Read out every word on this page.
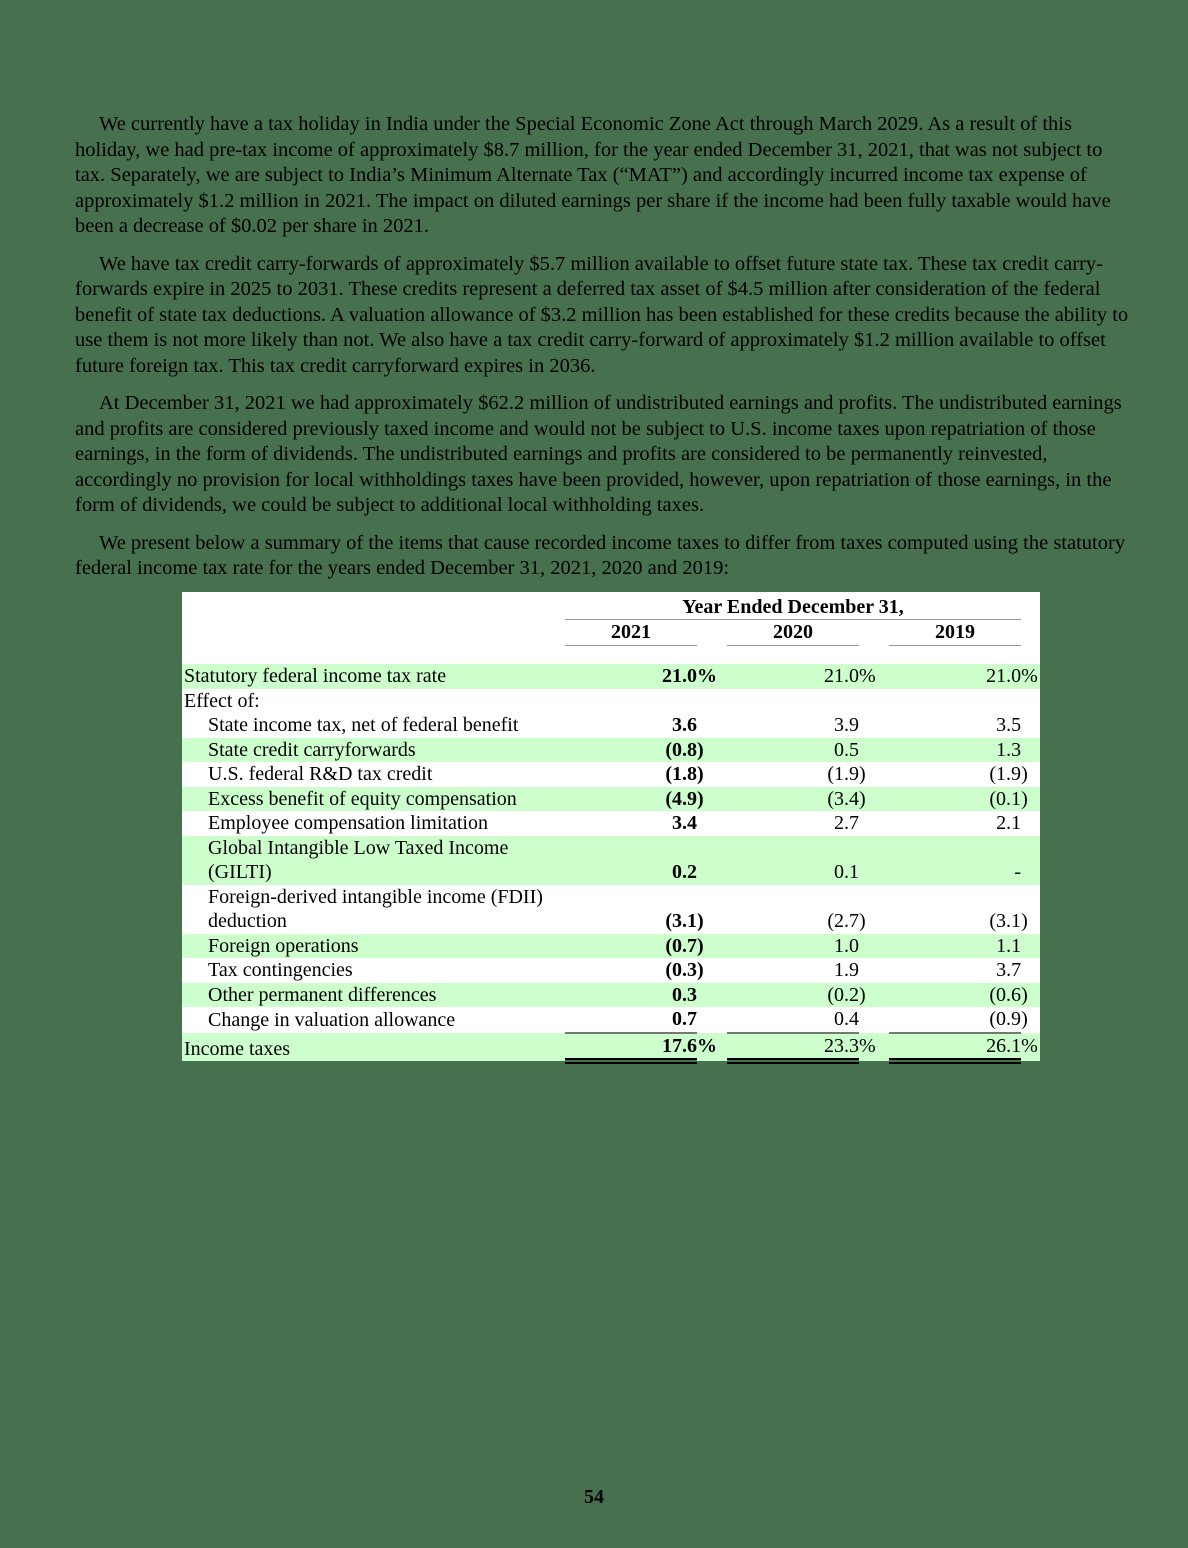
We currently have a tax holiday in India under the Special Economic Zone Act through March 2029. As a result of this holiday, we had pre-tax income of approximately $8.7 million, for the year ended December 31, 2021, that was not subject to tax. Separately, we are subject to India’s Minimum Alternate Tax (“MAT”) and accordingly incurred income tax expense of approximately $1.2 million in 2021. The impact on diluted earnings per share if the income had been fully taxable would have been a decrease of $0.02 per share in 2021.

We have tax credit carry-forwards of approximately $5.7 million available to offset future state tax. These tax credit carry-forwards expire in 2025 to 2031. These credits represent a deferred tax asset of $4.5 million after consideration of the federal benefit of state tax deductions. A valuation allowance of $3.2 million has been established for these credits because the ability to use them is not more likely than not. We also have a tax credit carry-forward of approximately $1.2 million available to offset future foreign tax. This tax credit carryforward expires in 2036.

At December 31, 2021 we had approximately $62.2 million of undistributed earnings and profits. The undistributed earnings and profits are considered previously taxed income and would not be subject to U.S. income taxes upon repatriation of those earnings, in the form of dividends. The undistributed earnings and profits are considered to be permanently reinvested, accordingly no provision for local withholdings taxes have been provided, however, upon repatriation of those earnings, in the form of dividends, we could be subject to additional local withholding taxes.

We present below a summary of the items that cause recorded income taxes to differ from taxes computed using the statutory federal income tax rate for the years ended December 31, 2021, 2020 and 2019:

	Year Ended December 31,					
	2021		2020		2019	

Statutory federal income tax rate	21.0		21.0		21.0	
Effect of:						
State income tax, net of federal benefit	3.6		3.9		3.5	
State credit carryforwards	(0.8		0.5		1.3	
U.S. federal R&D tax credit	(1.8		(1.9		(1.9	
Excess benefit of equity compensation	(4.9		(3.4		(0.1	
Employee compensation limitation	3.4		2.7		2.1	
Global Intangible Low Taxed Income (GILTI)	0.2		0.1		-	
Foreign-derived intangible income (FDII) deduction	(3.1		(2.7		(3.1	
Foreign operations	(0.7		1.0		1.1	
Tax contingencies	(0.3		1.9		3.7	
Other permanent differences	0.3		(0.2		(0.6	
Change in valuation allowance	0.7		0.4		(0.9	
Income taxes	17.6		23.3		26.1	
54
